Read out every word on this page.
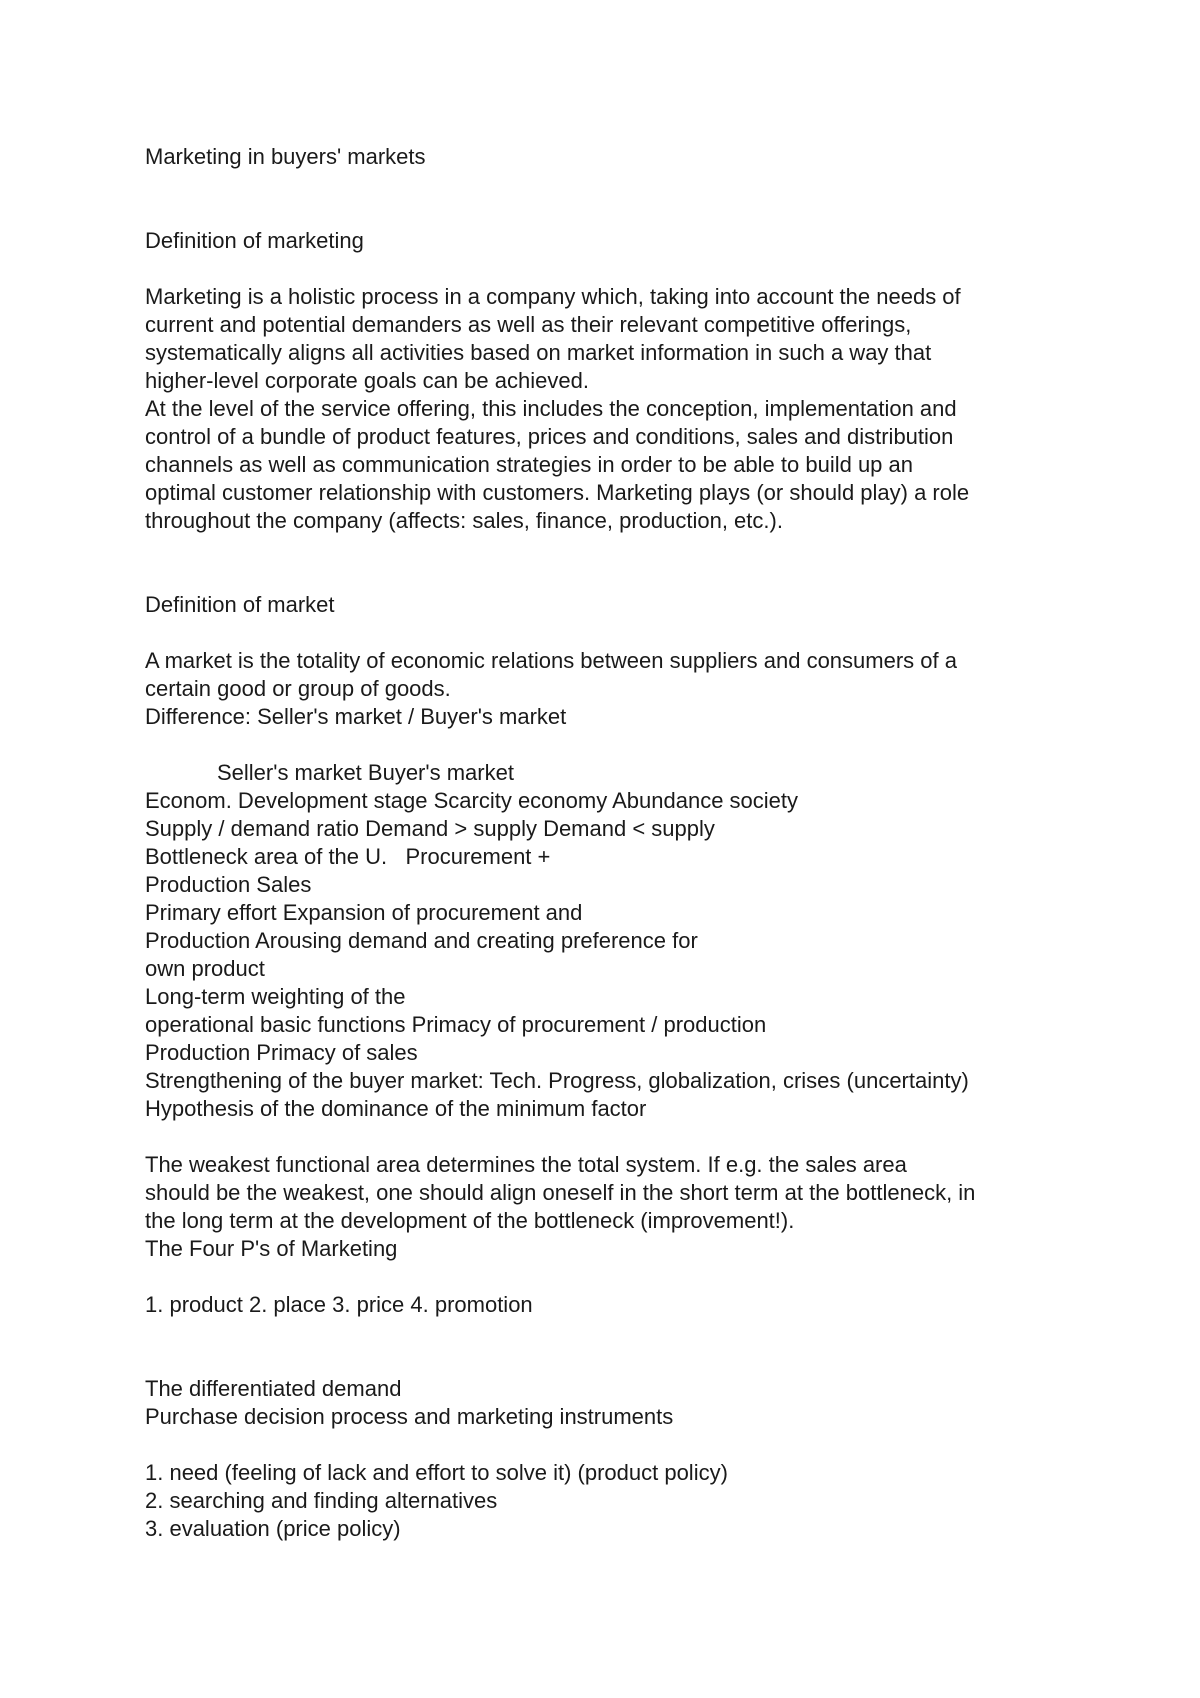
Marketing in buyers' markets
Definition of marketing
Marketing is a holistic process in a company which, taking into account the needs of
current and potential demanders as well as their relevant competitive offerings,
systematically aligns all activities based on market information in such a way that
higher-level corporate goals can be achieved.
At the level of the service offering, this includes the conception, implementation and
control of a bundle of product features, prices and conditions, sales and distribution
channels as well as communication strategies in order to be able to build up an
optimal customer relationship with customers. Marketing plays (or should play) a role
throughout the company (affects: sales, finance, production, etc.).
Definition of market
A market is the totality of economic relations between suppliers and consumers of a
certain good or group of goods.
Difference: Seller's market / Buyer's market
Seller's market Buyer's market
Econom. Development stage Scarcity economy Abundance society
Supply / demand ratio Demand > supply Demand < supply
Bottleneck area of the U.   Procurement +
Production Sales
Primary effort Expansion of procurement and
Production Arousing demand and creating preference for
own product
Long-term weighting of the
operational basic functions Primacy of procurement / production
Production Primacy of sales
Strengthening of the buyer market: Tech. Progress, globalization, crises (uncertainty)
Hypothesis of the dominance of the minimum factor
The weakest functional area determines the total system. If e.g. the sales area
should be the weakest, one should align oneself in the short term at the bottleneck, in
the long term at the development of the bottleneck (improvement!).
The Four P's of Marketing
1. product 2. place 3. price 4. promotion
The differentiated demand
Purchase decision process and marketing instruments
1. need (feeling of lack and effort to solve it) (product policy)
2. searching and finding alternatives
3. evaluation (price policy)
